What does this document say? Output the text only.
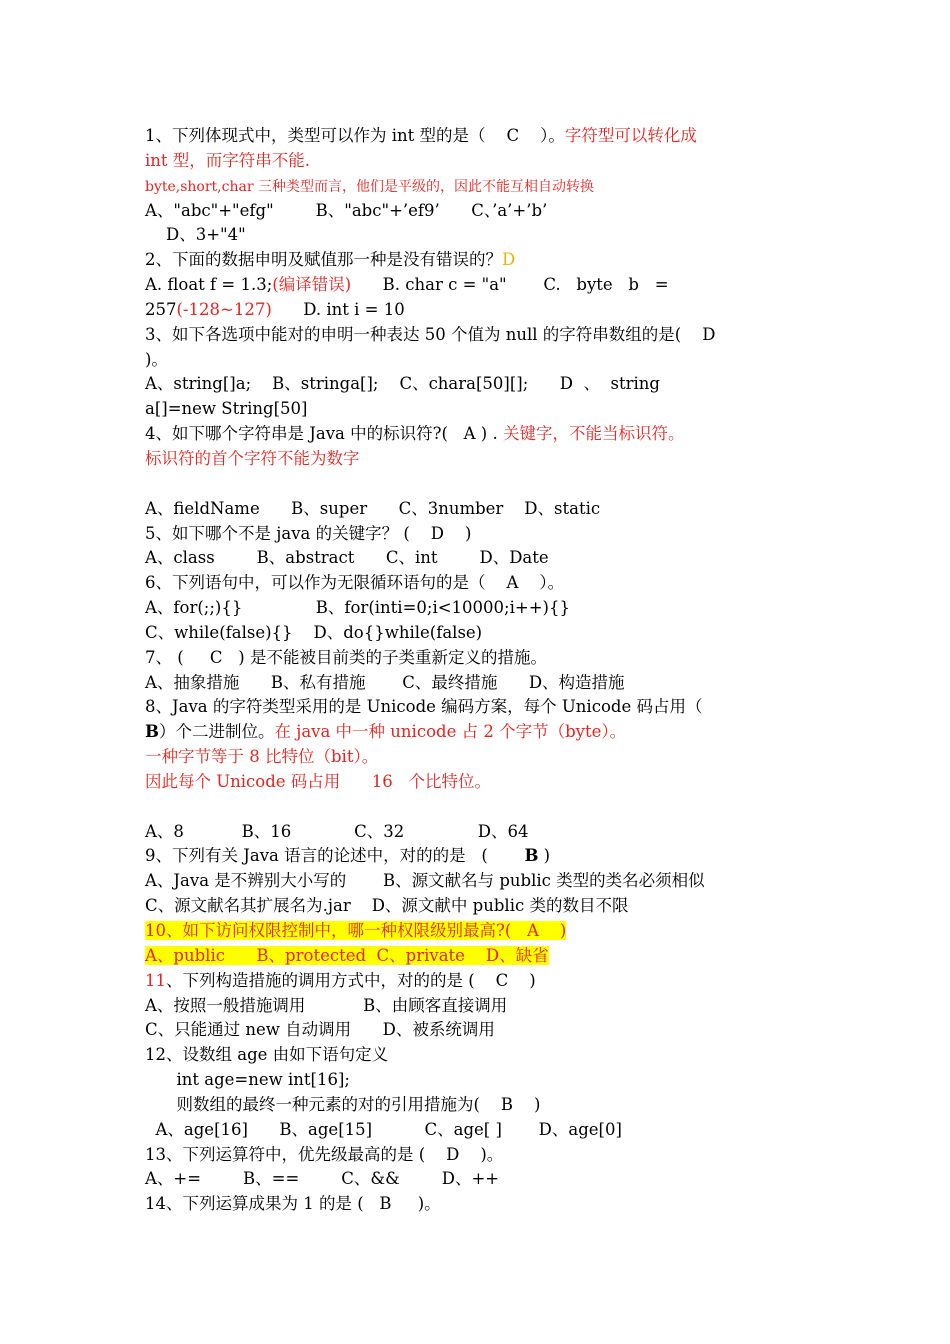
1、下列体现式中，类型可以作为 int 型的是（    C    ）。字符型可以转化成
int 型，而字符串不能.
byte,short,char 三种类型而言，他们是平级的，因此不能互相自动转换
A、"abc"+"efg"        B、"abc"+’ef9’      C、’a’+’b’
D、3+"4"
2、下面的数据申明及赋值那一种是没有错误的？D
A. float f = 1.3;(编译错误)      B. char c = "a"       C.   byte   b   =
257(-128~127)      D. int i = 10
3、如下各选项中能对的申明一种表达 50 个值为 null 的字符串数组的是(    D
)。
A、string[]a;    B、stringa[];    C、chara[50][];      D  、  string
a[]=new String[50]
4、如下哪个字符串是 Java 中的标识符?(   A ) . 关键字，不能当标识符。
标识符的首个字符不能为数字
A、fieldName      B、super      C、3number    D、static
5、如下哪个不是 java 的关键字？ (    D    )
A、class        B、abstract      C、int        D、Date
6、下列语句中，可以作为无限循环语句的是（    A    ）。
A、for(;;){}              B、for(inti=0;i<10000;i++){}
C、while(false){}    D、do{}while(false)
7、 (     C   ) 是不能被目前类的子类重新定义的措施。
A、抽象措施      B、私有措施       C、最终措施      D、构造措施
8、Java 的字符类型采用的是 Unicode 编码方案，每个 Unicode 码占用（
B）个二进制位。在 java 中一种 unicode 占 2 个字节（byte）。
一种字节等于 8 比特位（bit）。
因此每个 Unicode 码占用      16   个比特位。
A、8           B、16            C、32              D、64
9、下列有关 Java 语言的论述中，对的的是   (       B )
A、Java 是不辨别大小写的       B、源文献名与 public 类型的类名必须相似
C、源文献名其扩展名为.jar    D、源文献中 public 类的数目不限
10、如下访问权限控制中，哪一种权限级别最高?(   A    )
A、public      B、protected  C、private    D、缺省
11、下列构造措施的调用方式中，对的的是 (    C    )
A、按照一般措施调用           B、由顾客直接调用
C、只能通过 new 自动调用      D、被系统调用
12、设数组 age 由如下语句定义
int age=new int[16];
则数组的最终一种元素的对的引用措施为(    B    )
A、age[16]      B、age[15]          C、age[ ]       D、age[0]
13、下列运算符中，优先级最高的是 (    D    )。
A、+=        B、==        C、&&        D、++
14、下列运算成果为 1 的是 (   B     )。
